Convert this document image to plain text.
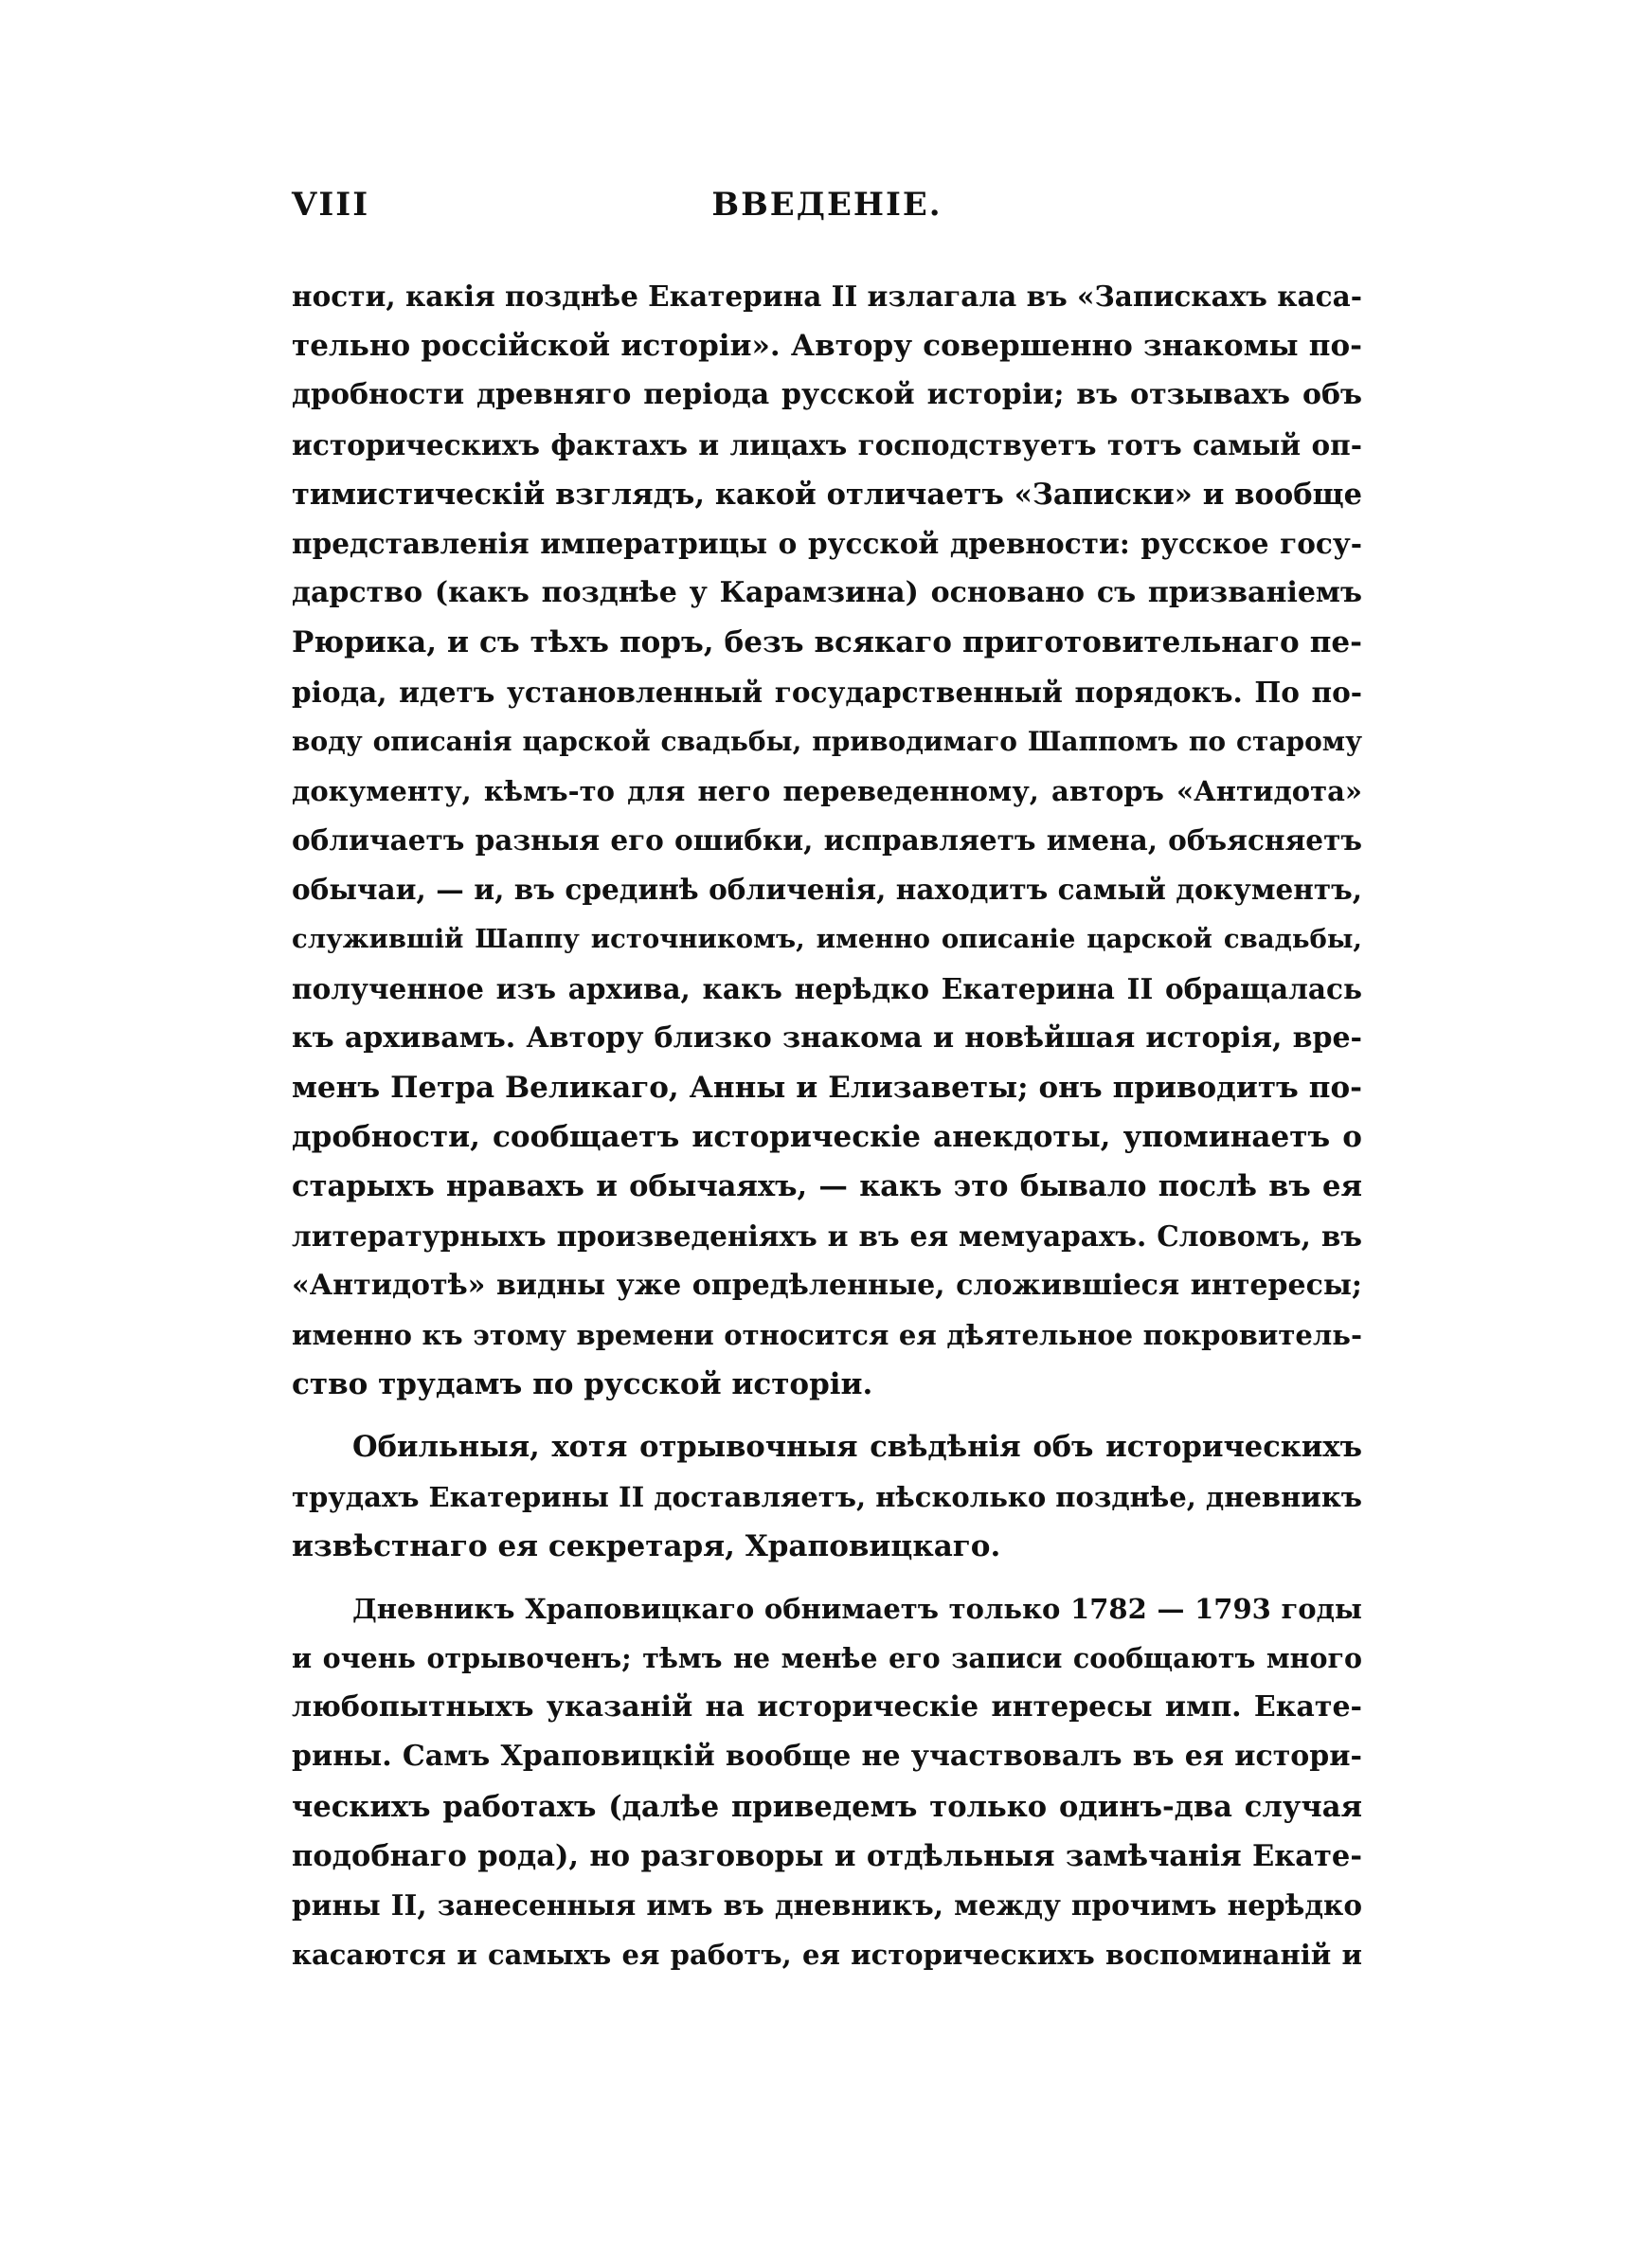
VIII	ВВЕДЕНІЕ.
ности, какія позднѣе Екатерина II излагала въ «Запискахъ каса-
тельно россійской исторіи». Автору совершенно знакомы по-
дробности древняго періода русской исторіи; въ отзывахъ объ
историческихъ фактахъ и лицахъ господствуетъ тотъ самый оп-
тимистическій взглядъ, какой отличаетъ «Записки» и вообще
представленія императрицы о русской древности: русское госу-
дарство (какъ позднѣе у Карамзина) основано съ призваніемъ
Рюрика, и съ тѣхъ поръ, безъ всякаго приготовительнаго пе-
ріода, идетъ установленный государственный порядокъ. По по-
воду описанія царской свадьбы, приводимаго Шаппомъ по старому
документу, кѣмъ-то для него переведенному, авторъ «Антидота»
обличаетъ разныя его ошибки, исправляетъ имена, объясняетъ
обычаи, — и, въ срединѣ обличенія, находитъ самый документъ,
служившій Шаппу источникомъ, именно описаніе царской свадьбы,
полученное изъ архива, какъ нерѣдко Екатерина II обращалась
къ архивамъ. Автору близко знакома и новѣйшая исторія, вре-
менъ Петра Великаго, Анны и Елизаветы; онъ приводитъ по-
дробности, сообщаетъ историческіе анекдоты, упоминаетъ о
старыхъ нравахъ и обычаяхъ, — какъ это бывало послѣ въ ея
литературныхъ произведеніяхъ и въ ея мемуарахъ. Словомъ, въ
«Антидотѣ» видны уже опредѣленные, сложившіеся интересы;
именно къ этому времени относится ея дѣятельное покровитель-
ство трудамъ по русской исторіи.
Обильныя, хотя отрывочныя свѣдѣнія объ историческихъ
трудахъ Екатерины II доставляетъ, нѣсколько позднѣе, дневникъ
извѣстнаго ея секретаря, Храповицкаго.
Дневникъ Храповицкаго обнимаетъ только 1782 — 1793 годы
и очень отрывоченъ; тѣмъ не менѣе его записи сообщаютъ много
любопытныхъ указаній на историческіе интересы имп. Екате-
рины. Самъ Храповицкій вообще не участвовалъ въ ея истори-
ческихъ работахъ (далѣе приведемъ только одинъ-два случая
подобнаго рода), но разговоры и отдѣльныя замѣчанія Екате-
рины II, занесенныя имъ въ дневникъ, между прочимъ нерѣдко
касаются и самыхъ ея работъ, ея историческихъ воспоминаній и
